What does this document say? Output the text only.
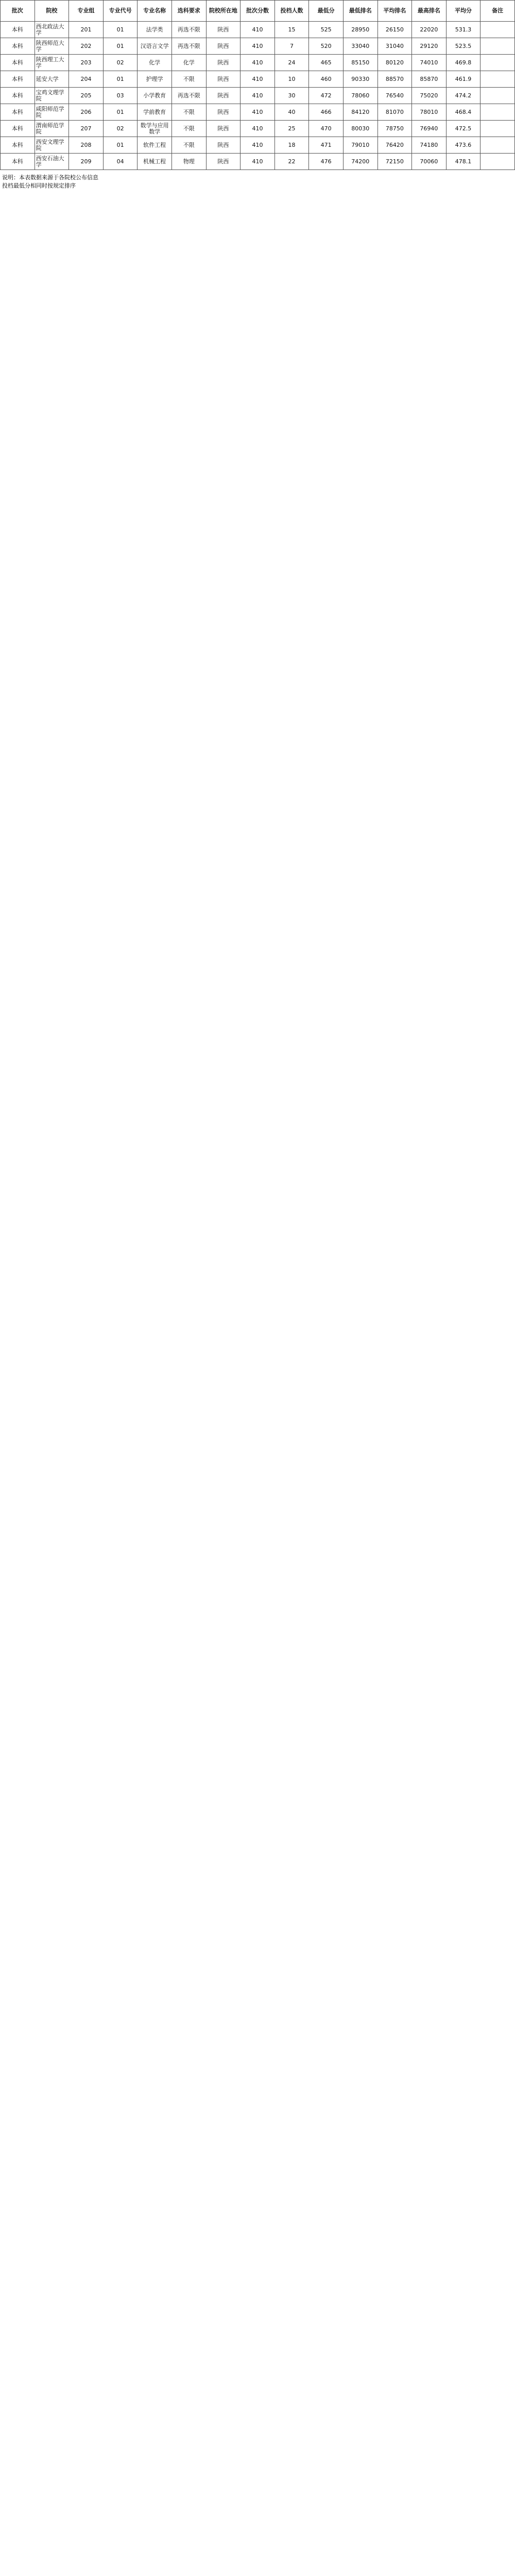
批次	院校	专业组	专业代号	专业名称	选科要求	院校所在地	批次分数	投档人数	最低分	最低排名	平均排名	最高排名	平均分	备注
本科	西北政法大学	201	01	法学类	再选不限	陕西	410	15	525	28950	26150	22020	531.3	
本科	陕西师范大学	202	01	汉语言文学	再选不限	陕西	410	7	520	33040	31040	29120	523.5	
本科	陕西理工大学	203	02	化学	化学	陕西	410	24	465	85150	80120	74010	469.8	
本科	延安大学	204	01	护理学	不限	陕西	410	10	460	90330	88570	85870	461.9	
本科	宝鸡文理学院	205	03	小学教育	再选不限	陕西	410	30	472	78060	76540	75020	474.2	
本科	咸阳师范学院	206	01	学前教育	不限	陕西	410	40	466	84120	81070	78010	468.4	
本科	渭南师范学院	207	02	数学与应用数学	不限	陕西	410	25	470	80030	78750	76940	472.5	
本科	西安文理学院	208	01	软件工程	不限	陕西	410	18	471	79010	76420	74180	473.6	
本科	西安石油大学	209	04	机械工程	物理	陕西	410	22	476	74200	72150	70060	478.1	
说明：本表数据来源于各院校公布信息
投档最低分相同时按规定排序
